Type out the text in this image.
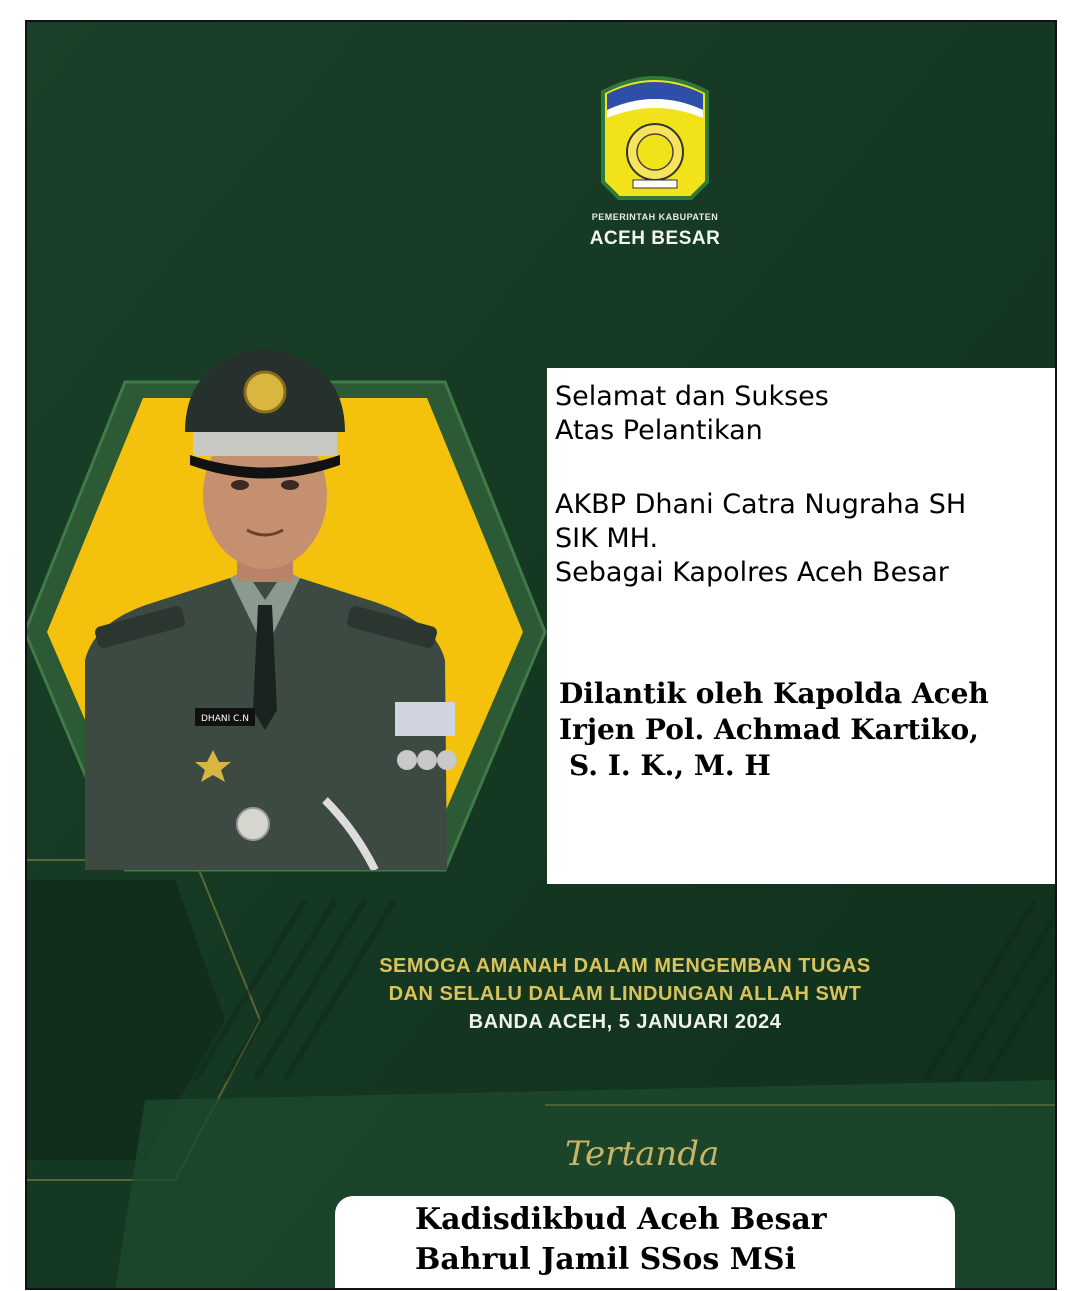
DHANI C.N
PEMERINTAH KABUPATEN
ACEH BESAR
Selamat dan Sukses
Atas Pelantikan
AKBP Dhani Catra Nugraha SH
SIK MH.
Sebagai Kapolres Aceh Besar
Dilantik oleh Kapolda Aceh
Irjen Pol. Achmad Kartiko,
S. I. K., M. H
SEMOGA AMANAH DALAM MENGEMBAN TUGAS
DAN SELALU DALAM LINDUNGAN ALLAH SWT
BANDA ACEH, 5 JANUARI 2024
Tertanda
Kadisdikbud Aceh Besar
Bahrul Jamil SSos MSi
